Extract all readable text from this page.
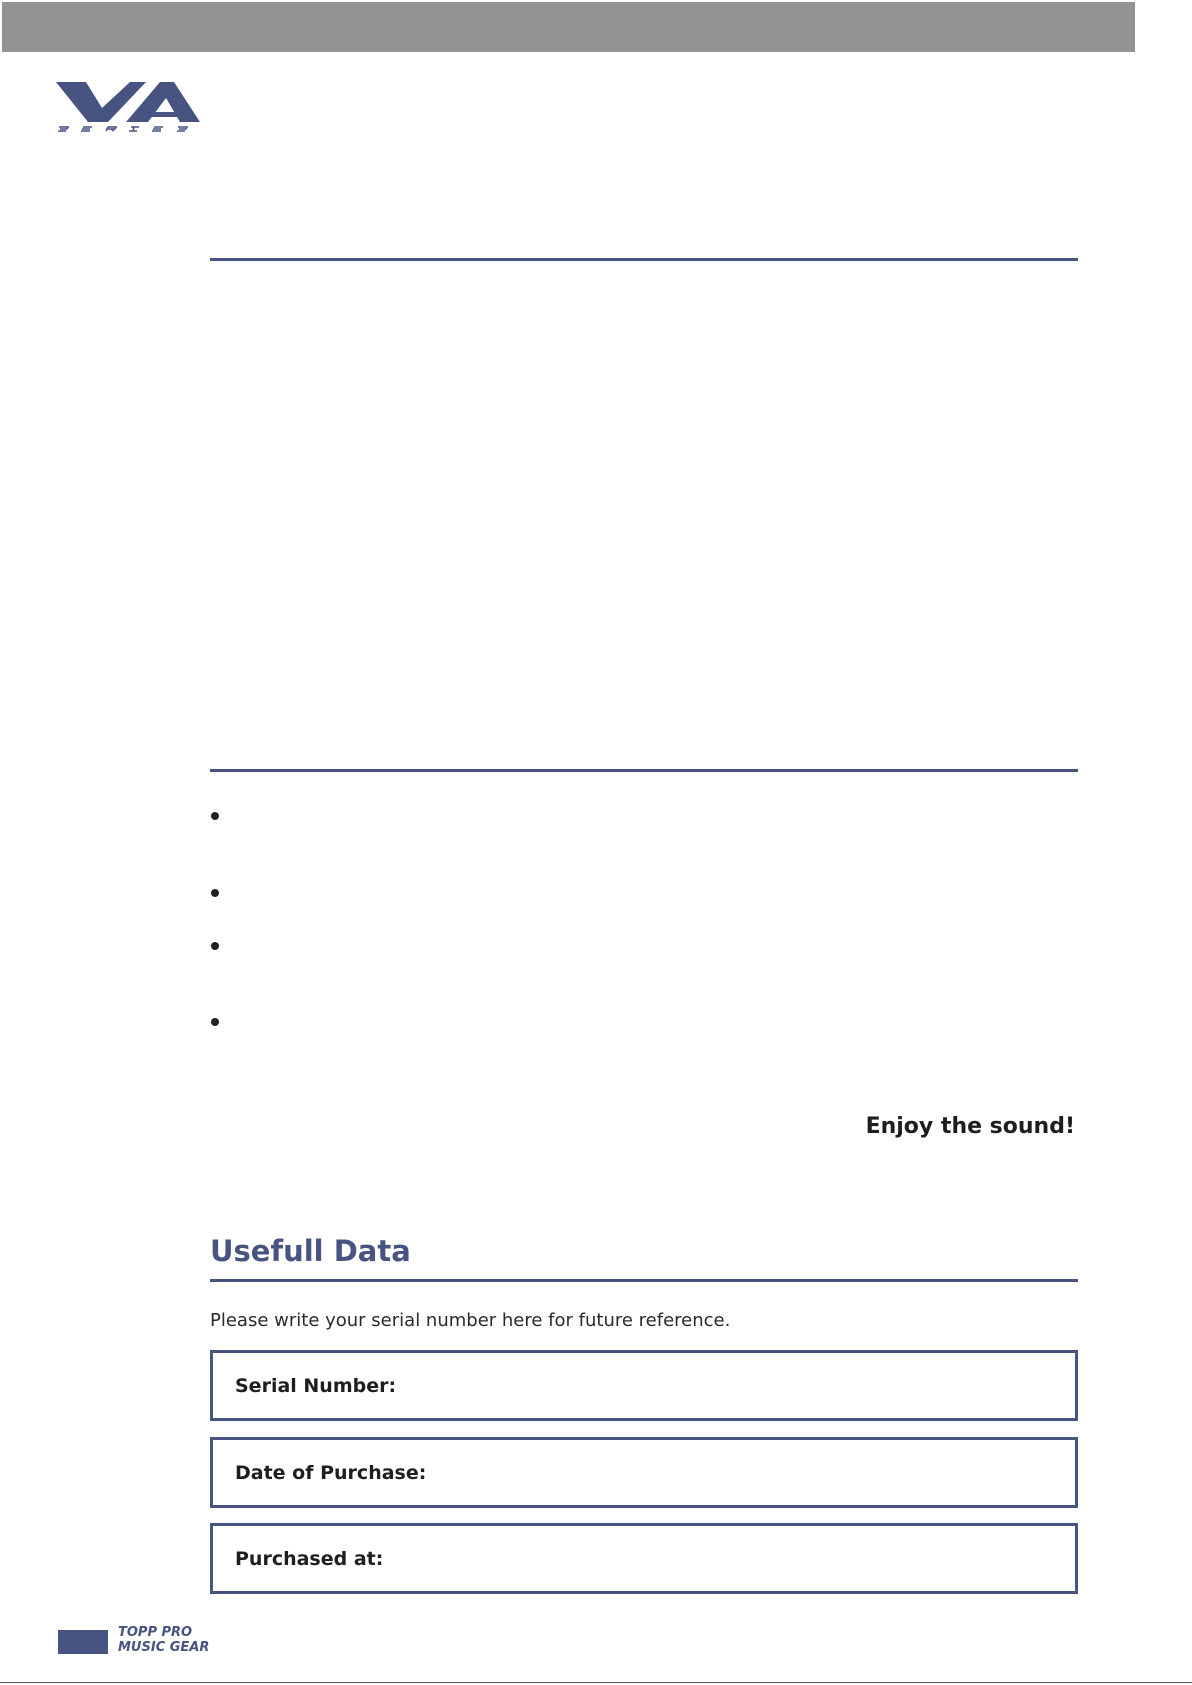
Enjoy the sound!

Usefull Data

Please write your serial number here for future reference.

Serial Number:
Date of Purchase:
Purchased at:
TOPP PRO
MUSIC GEAR
